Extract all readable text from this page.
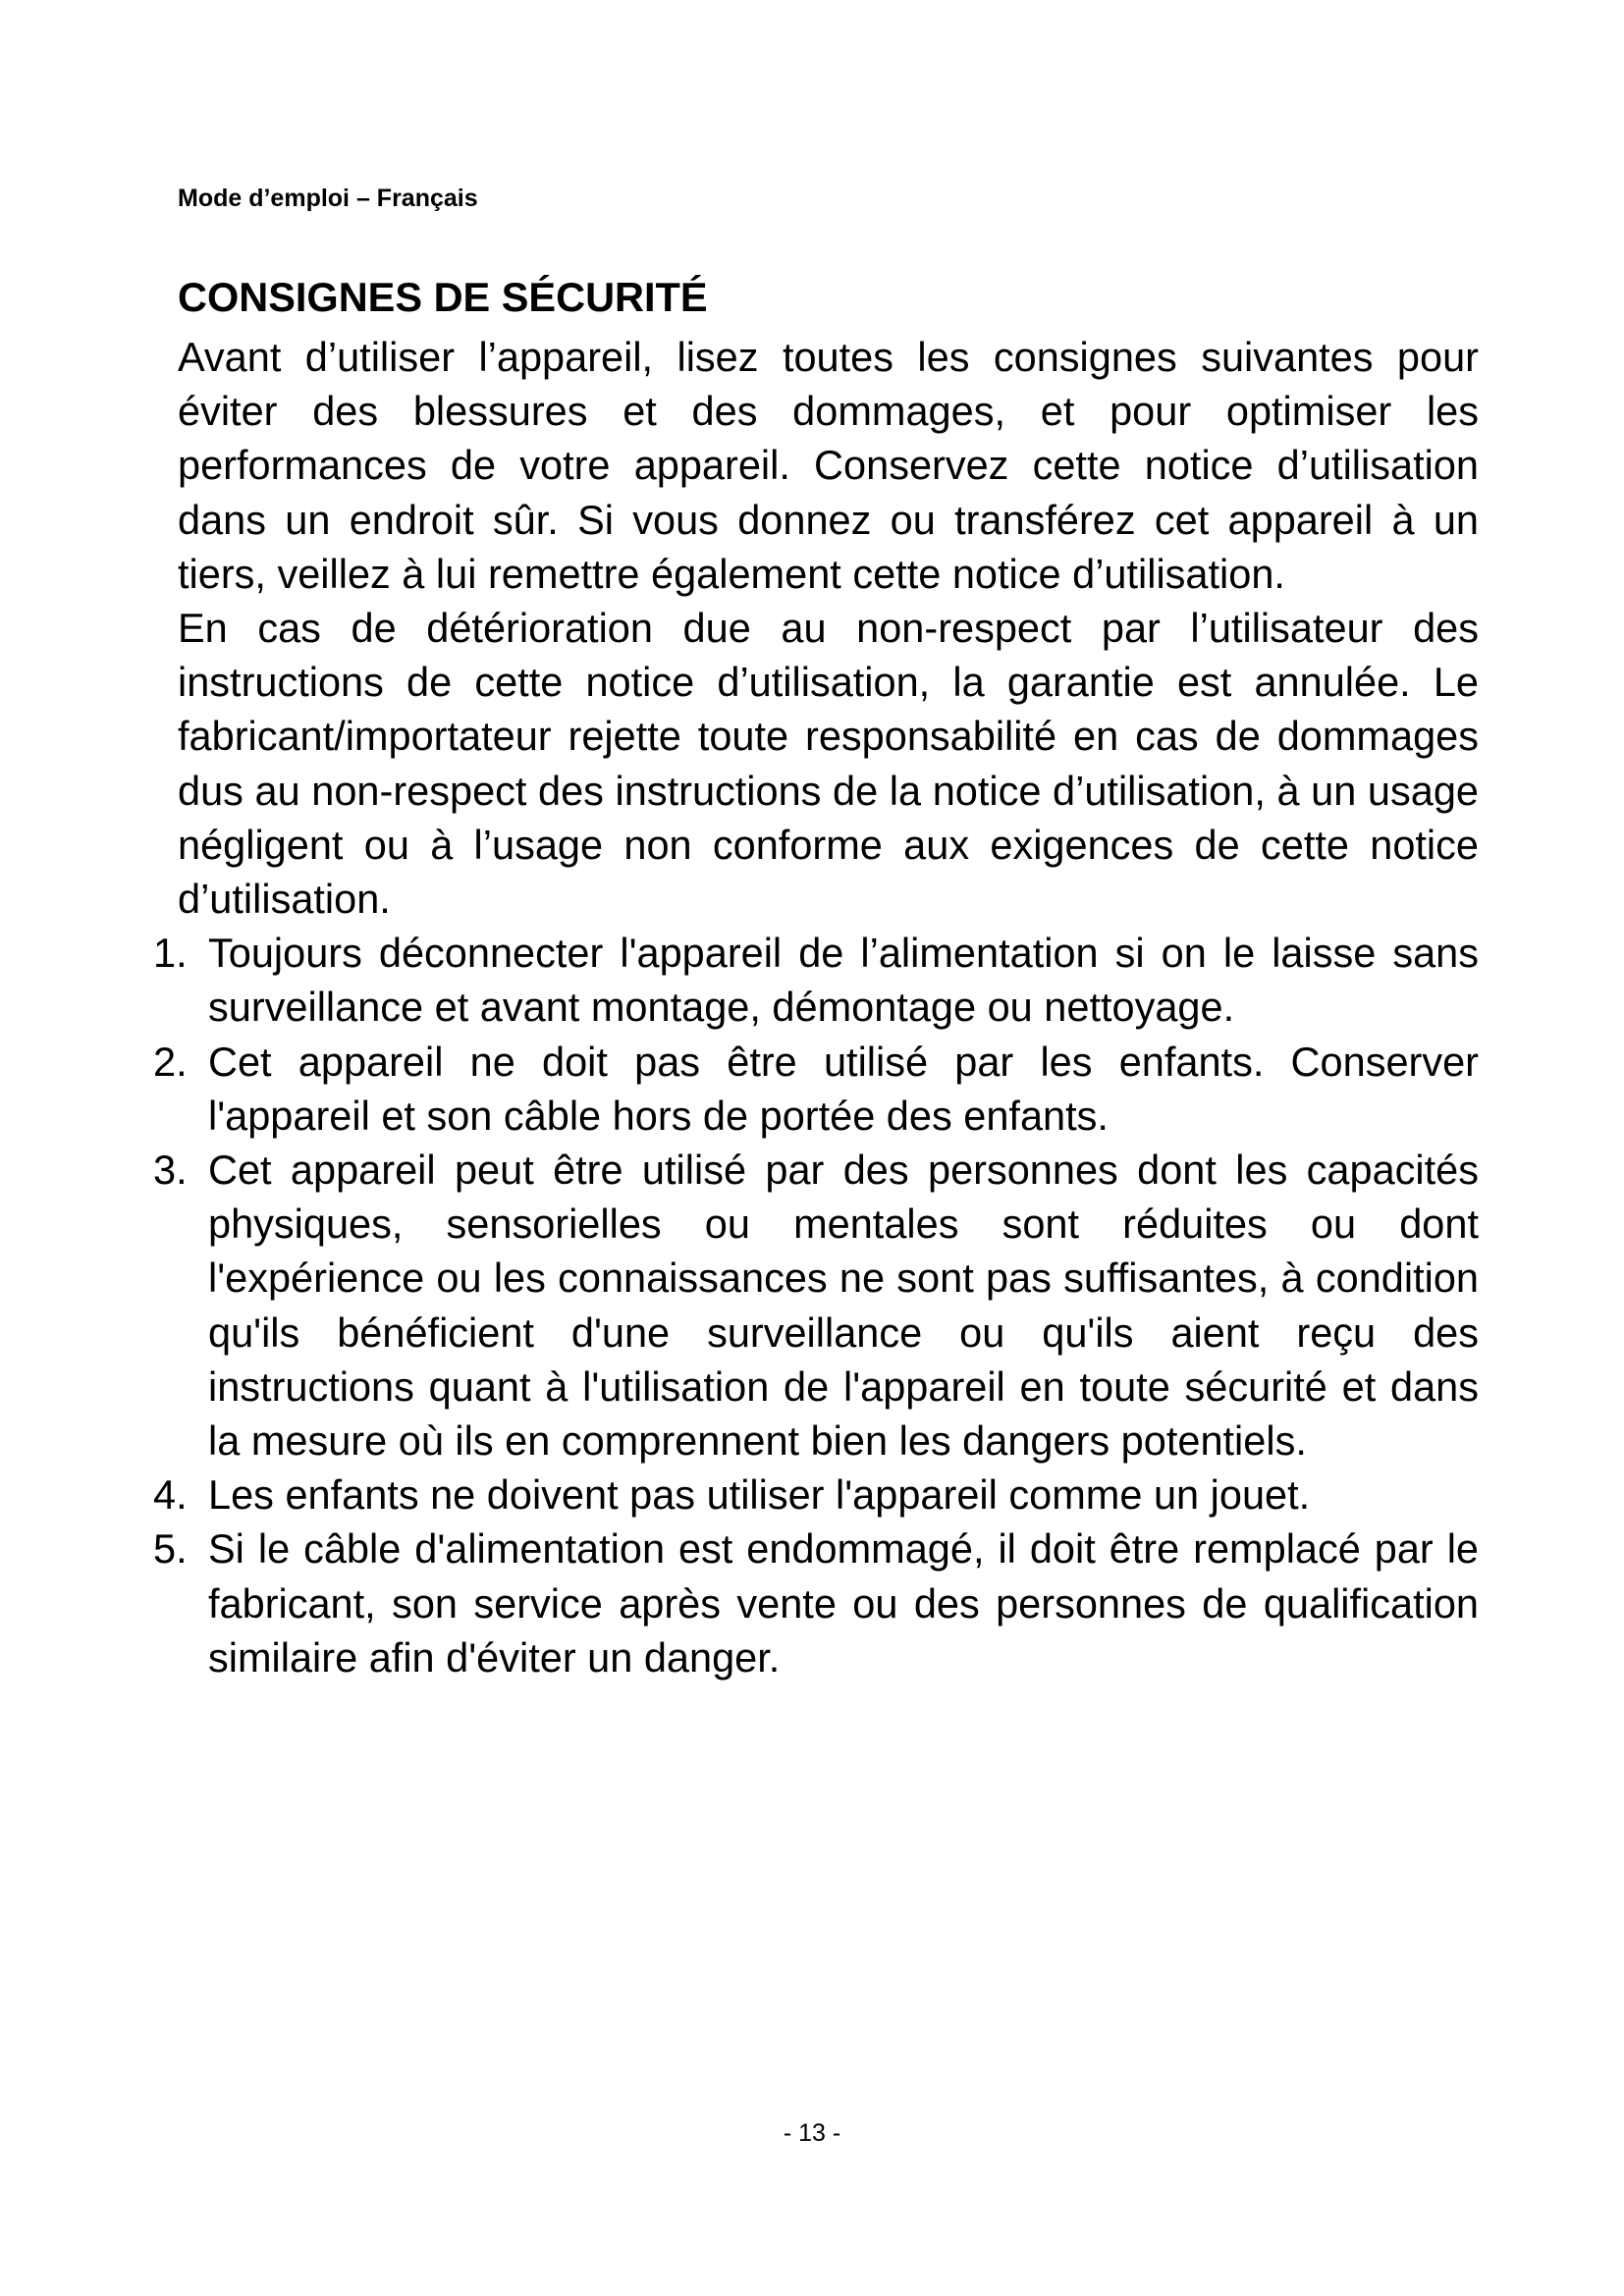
Mode d’emploi – Français
CONSIGNES DE SÉCURITÉ

Avant d’utiliser l’appareil, lisez toutes les consignes suivantes pour éviter des blessures et des dommages, et pour optimiser les performances de votre appareil. Conservez cette notice d’utilisation dans un endroit sûr. Si vous donnez ou transférez cet appareil à un tiers, veillez à lui remettre également cette notice d’utilisation.

En cas de détérioration due au non-respect par l’utilisateur des instructions de cette notice d’utilisation, la garantie est annulée. Le fabricant/importateur rejette toute responsabilité en cas de dommages dus au non-respect des instructions de la notice d’utilisation, à un usage négligent ou à l’usage non conforme aux exigences de cette notice d’utilisation.

1. Toujours déconnecter l'appareil de l’alimentation si on le laisse sans surveillance et avant montage, démontage ou nettoyage.
2. Cet appareil ne doit pas être utilisé par les enfants. Conserver l'appareil et son câble hors de portée des enfants.
3. Cet appareil peut être utilisé par des personnes dont les capacités physiques, sensorielles ou mentales sont réduites ou dont l'expérience ou les connaissances ne sont pas suffisantes, à condition qu'ils bénéficient d'une surveillance ou qu'ils aient reçu des instructions quant à l'utilisation de l'appareil en toute sécurité et dans la mesure où ils en comprennent bien les dangers potentiels.
4. Les enfants ne doivent pas utiliser l'appareil comme un jouet.
5. Si le câble d'alimentation est endommagé, il doit être remplacé par le fabricant, son service après vente ou des personnes de qualification similaire afin d'éviter un danger.
- 13 -
